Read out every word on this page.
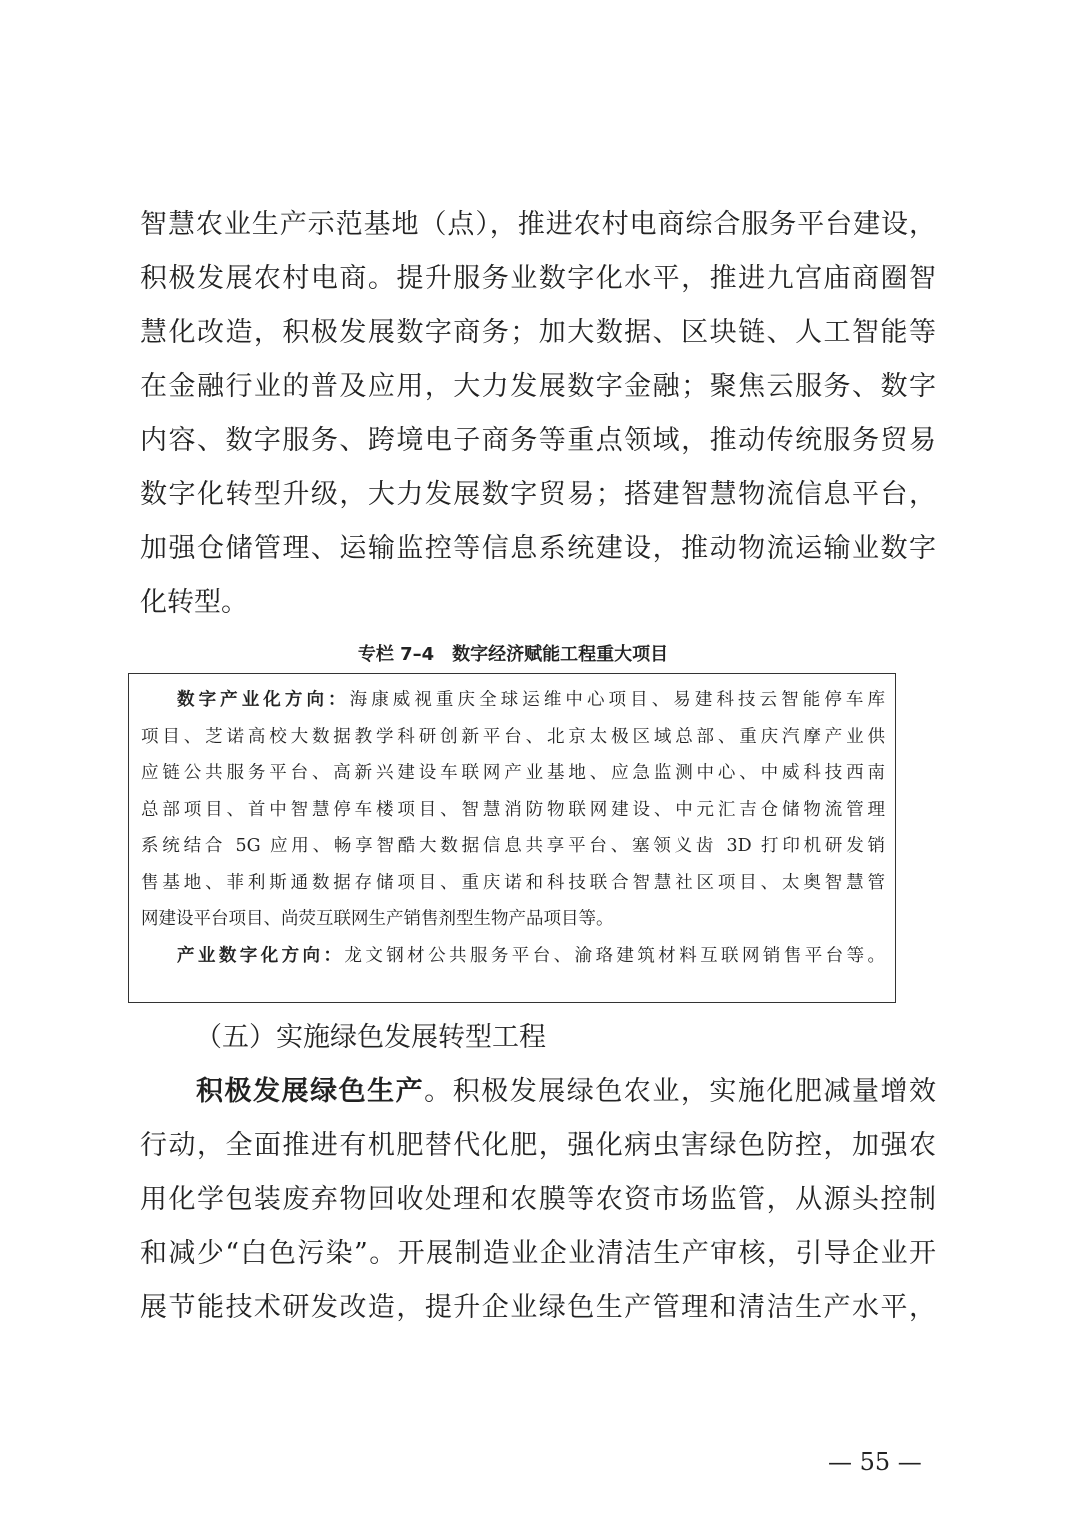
智慧农业生产示范基地（点），推进农村电商综合服务平台建设，
积极发展农村电商。提升服务业数字化水平，推进九宫庙商圈智
慧化改造，积极发展数字商务；加大数据、区块链、人工智能等
在金融行业的普及应用，大力发展数字金融；聚焦云服务、数字
内容、数字服务、跨境电子商务等重点领域，推动传统服务贸易
数字化转型升级，大力发展数字贸易；搭建智慧物流信息平台，
加强仓储管理、运输监控等信息系统建设，推动物流运输业数字
化转型。
专栏 7–4　数字经济赋能工程重大项目
数字产业化方向：海康威视重庆全球运维中心项目、易建科技云智能停车库
项目、芝诺高校大数据教学科研创新平台、北京太极区域总部、重庆汽摩产业供
应链公共服务平台、高新兴建设车联网产业基地、应急监测中心、中威科技西南
总部项目、首中智慧停车楼项目、智慧消防物联网建设、中元汇吉仓储物流管理
系统结合 5G 应用、畅享智酷大数据信息共享平台、塞领义齿 3D 打印机研发销
售基地、菲利斯通数据存储项目、重庆诺和科技联合智慧社区项目、太奥智慧管
网建设平台项目、尚荧互联网生产销售剂型生物产品项目等。
产业数字化方向：龙文钢材公共服务平台、渝珞建筑材料互联网销售平台等。
（五）实施绿色发展转型工程
积极发展绿色生产。积极发展绿色农业，实施化肥减量增效
行动，全面推进有机肥替代化肥，强化病虫害绿色防控，加强农
用化学包装废弃物回收处理和农膜等农资市场监管，从源头控制
和减少“白色污染”。开展制造业企业清洁生产审核，引导企业开
展节能技术研发改造，提升企业绿色生产管理和清洁生产水平，
— 55 —
